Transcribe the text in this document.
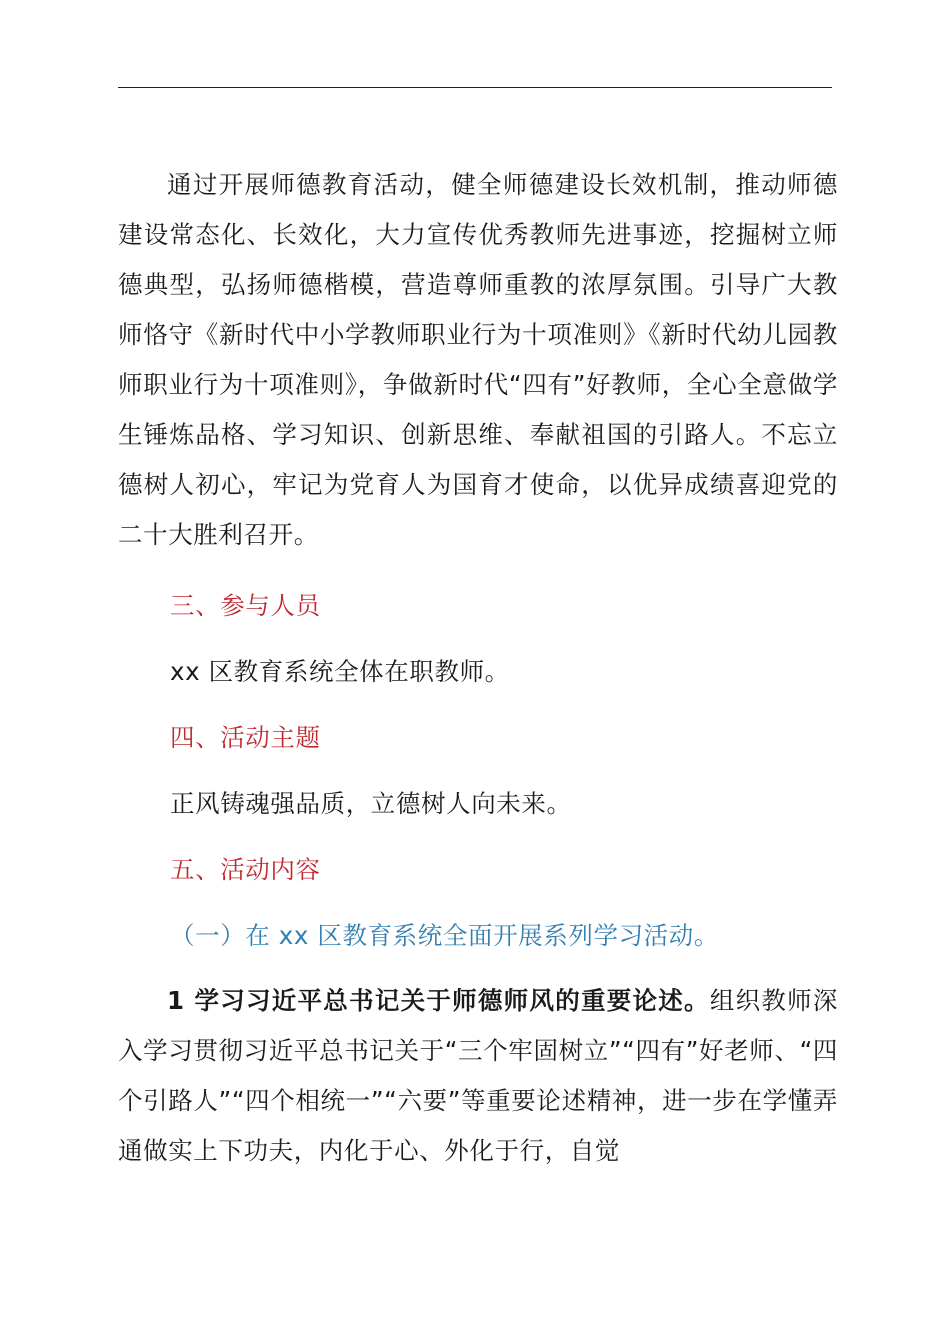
通过开展师德教育活动，健全师德建设长效机制，推动师德建设常态化、长效化，大力宣传优秀教师先进事迹，挖掘树立师德典型，弘扬师德楷模，营造尊师重教的浓厚氛围。引导广大教师恪守《新时代中小学教师职业行为十项准则》《新时代幼儿园教师职业行为十项准则》，争做新时代“四有”好教师，全心全意做学生锤炼品格、学习知识、创新思维、奉献祖国的引路人。不忘立德树人初心，牢记为党育人为国育才使命，以优异成绩喜迎党的二十大胜利召开。

三、参与人员

xx 区教育系统全体在职教师。

四、活动主题

正风铸魂强品质，立德树人向未来。

五、活动内容

（一）在 xx 区教育系统全面开展系列学习活动。

1 学习习近平总书记关于师德师风的重要论述。组织教师深入学习贯彻习近平总书记关于“三个牢固树立”“四有”好老师、“四个引路人”“四个相统一”“六要”等重要论述精神，进一步在学懂弄通做实上下功夫，内化于心、外化于行，自觉
